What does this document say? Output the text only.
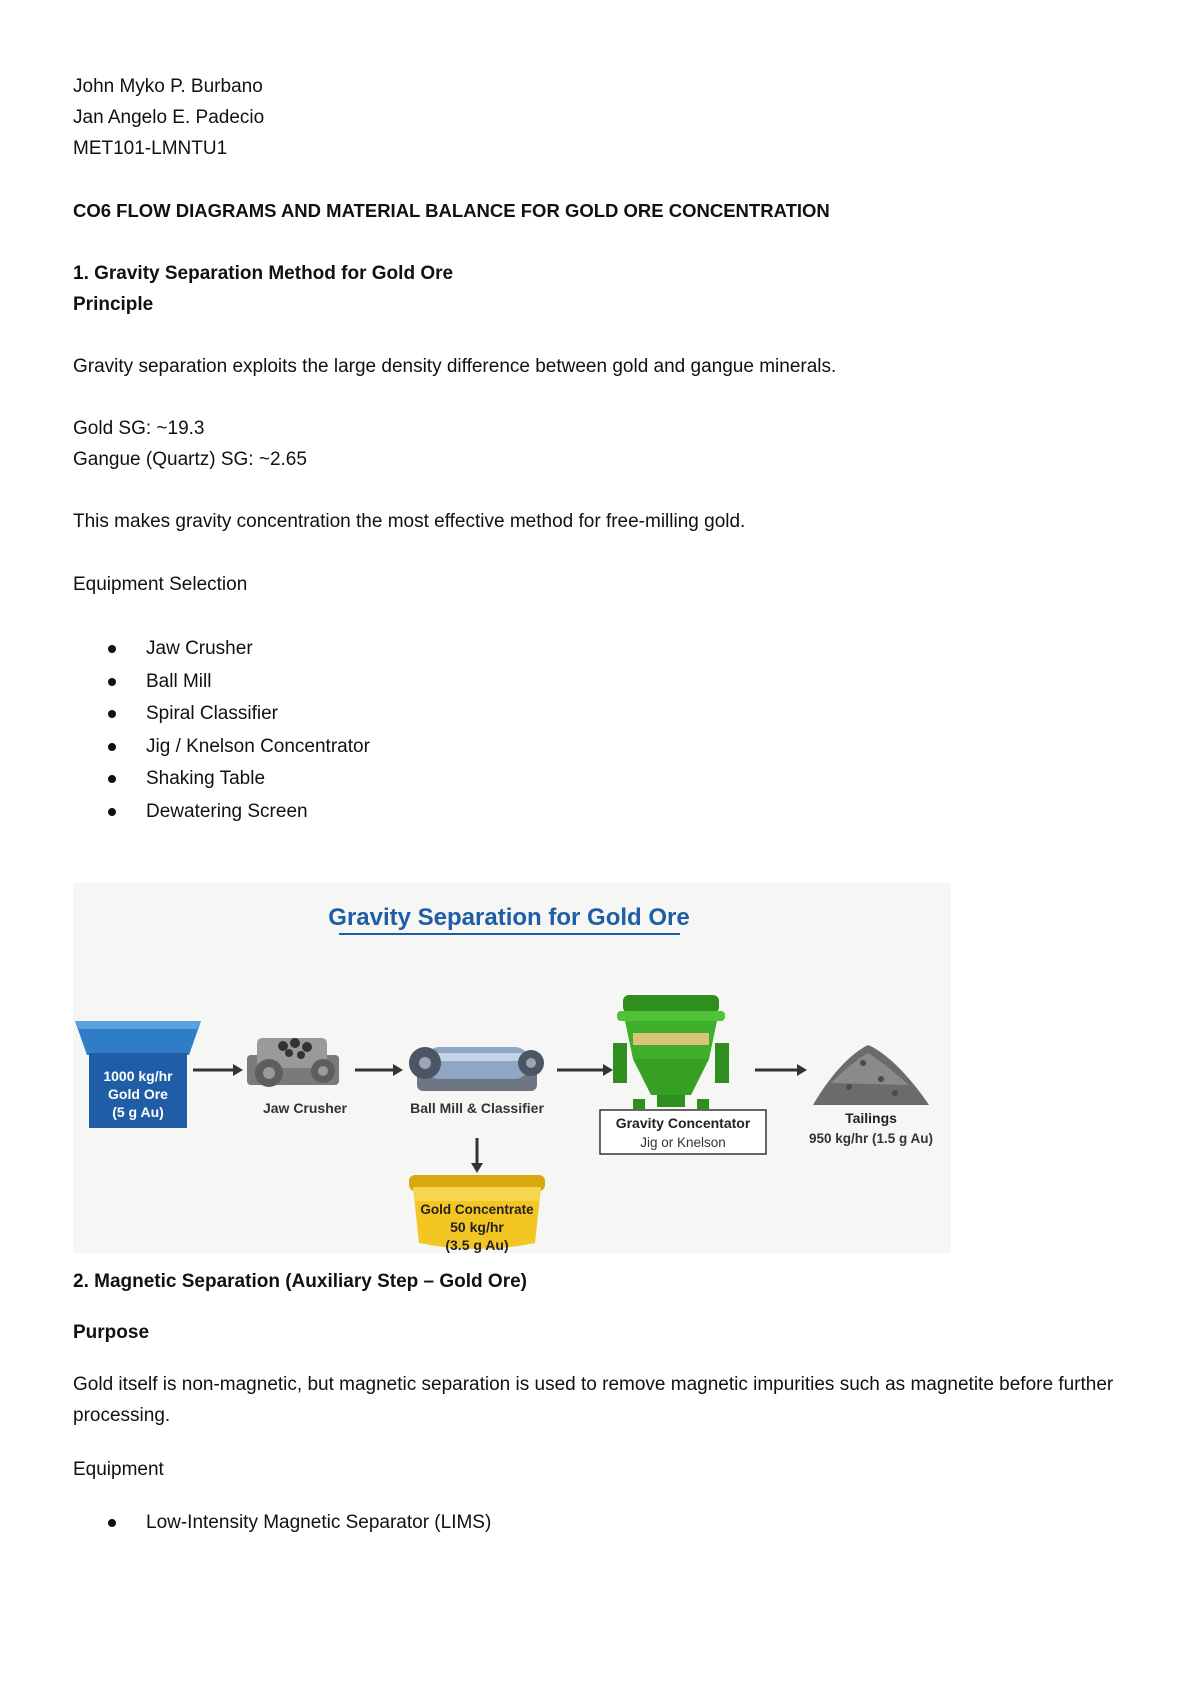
John Myko P. Burbano
Jan Angelo E. Padecio
MET101-LMNTU1
CO6 FLOW DIAGRAMS AND MATERIAL BALANCE FOR GOLD ORE CONCENTRATION
1. Gravity Separation Method for Gold Ore
Principle
Gravity separation exploits the large density difference between gold and gangue minerals.
Gold SG: ~19.3
Gangue (Quartz) SG: ~2.65
This makes gravity concentration the most effective method for free-milling gold.
Equipment Selection
Jaw Crusher
Ball Mill
Spiral Classifier
Jig / Knelson Concentrator
Shaking Table
Dewatering Screen
Gravity Separation for Gold Ore
1000 kg/hr
Gold Ore
(5 g Au)	Jaw Crusher	Ball Mill & Classifier
Gravity Concentator
Jig or Knelson
Tailings
950 kg/hr (1.5 g Au)
Gold Concentrate
50 kg/hr
(3.5 g Au)
2. Magnetic Separation (Auxiliary Step – Gold Ore)
Purpose
Gold itself is non-magnetic, but magnetic separation is used to remove magnetic impurities such as magnetite before further processing.
Equipment
Low-Intensity Magnetic Separator (LIMS)
